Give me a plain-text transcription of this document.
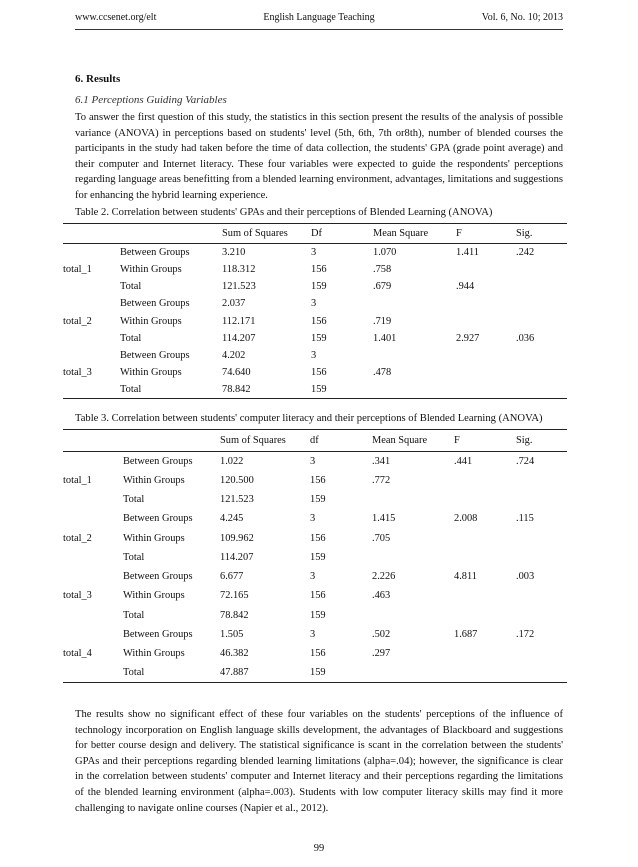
www.ccsenet.org/elt	English Language Teaching	Vol. 6, No. 10; 2013
6. Results
6.1 Perceptions Guiding Variables

To answer the first question of this study, the statistics in this section present the results of the analysis of possible variance (ANOVA) in perceptions based on students' level (5th, 6th, 7th or8th), number of blended courses the participants in the study had taken before the time of data collection, the students' GPA (grade point average) and their computer and Internet literacy. These four variables were expected to guide the respondents' perceptions regarding language areas benefitting from a blended learning environment, advantages, limitations and suggestions for enhancing the hybrid learning experience.

Table 2. Correlation between students' GPAs and their perceptions of Blended Learning (ANOVA)
		Sum of Squares	Df	Mean Square	F	Sig.
total_1	Between Groups	3.210	3	1.070	1.411	.242
	Within Groups	118.312	156	.758		
	Total	121.523	159	.679	.944	
total_2	Between Groups	2.037	3			
	Within Groups	112.171	156	.719		
	Total	114.207	159	1.401	2.927	.036
total_3	Between Groups	4.202	3			
	Within Groups	74.640	156	.478		
	Total	78.842	159			
Table 3. Correlation between students' computer literacy and their perceptions of Blended Learning (ANOVA)
		Sum of Squares	df	Mean Square	F	Sig.
total_1	Between Groups	1.022	3	.341	.441	.724
	Within Groups	120.500	156	.772		
	Total	121.523	159			
total_2	Between Groups	4.245	3	1.415	2.008	.115
	Within Groups	109.962	156	.705		
	Total	114.207	159			
total_3	Between Groups	6.677	3	2.226	4.811	.003
	Within Groups	72.165	156	.463		
	Total	78.842	159			
total_4	Between Groups	1.505	3	.502	1.687	.172
	Within Groups	46.382	156	.297		
	Total	47.887	159			

The results show no significant effect of these four variables on the students' perceptions of the influence of technology incorporation on English language skills development, the advantages of Blackboard and suggestions for better course design and delivery. The statistical significance is scant in the correlation between the students' GPAs and their perceptions regarding blended learning limitations (alpha=.04); however, the significance is clear in the correlation between students' computer and Internet literacy and their perceptions regarding the limitations of the blended learning environment (alpha=.003). Students with low computer literacy skills may find it more challenging to navigate online courses (Napier et al., 2012).

99
